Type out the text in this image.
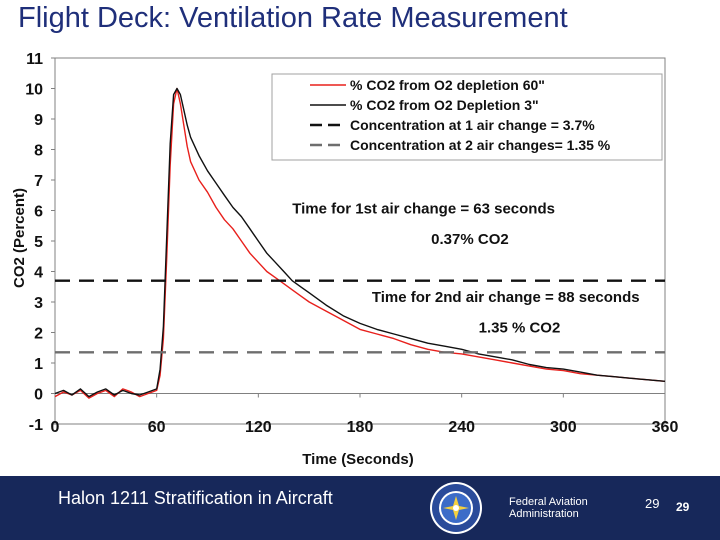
Flight Deck: Ventilation Rate Measurement
-1
0
1
2
3
4
5
6
7
8
9
10
11
0	60	120	180	240	300	360
% CO2 from O2 depletion 60"
% CO2 from O2 Depletion 3"
Concentration at 1 air change = 3.7%
Concentration at 2 air changes= 1.35 %
Time for 1st air change = 63 seconds
0.37% CO2
Time for 2nd air change = 88 seconds
1.35 % CO2
Time (Seconds)
CO2 (Percent)
Halon 1211 Stratification in Aircraft	Federal Aviation
Administration
29 29
